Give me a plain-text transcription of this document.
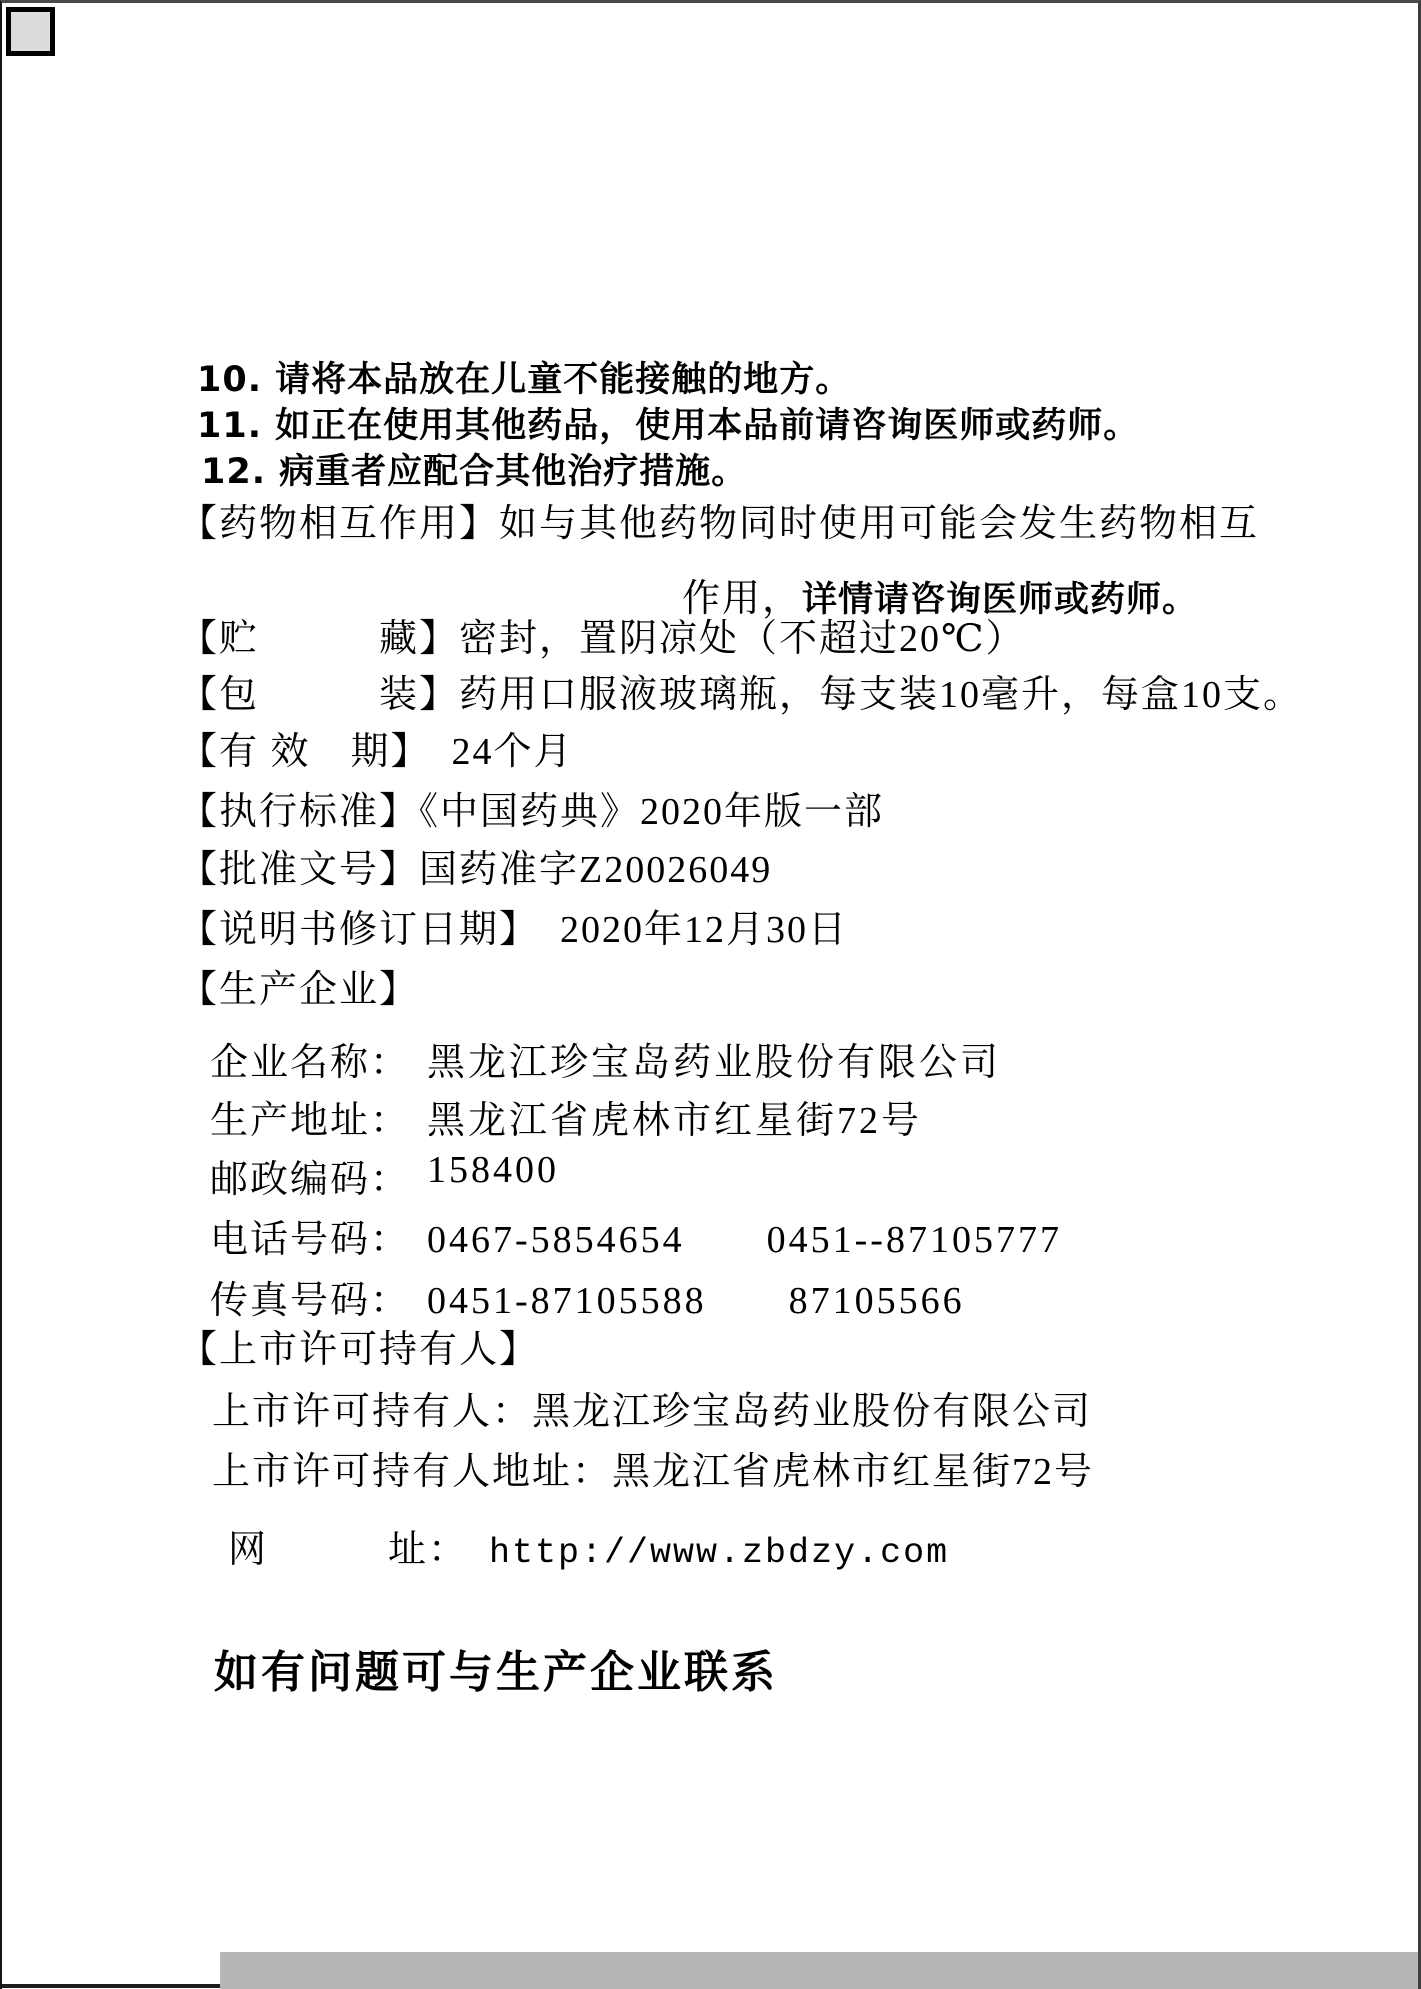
10. 请将本品放在儿童不能接触的地方。
11. 如正在使用其他药品，使用本品前请咨询医师或药师。
12. 病重者应配合其他治疗措施。
【药物相互作用】如与其他药物同时使用可能会发生药物相互

作用，详情请咨询医师或药师。

【贮　　　藏】密封，置阴凉处（不超过20℃）
【包　　　装】药用口服液玻璃瓶，每支装10毫升，每盒10支。
【有 效　期】　24个月
【执行标准】《中国药典》2020年版一部
【批准文号】国药准字Z20026049
【说明书修订日期】　2020年12月30日
【生产企业】
企业名称： 黑龙江珍宝岛药业股份有限公司
生产地址： 黑龙江省虎林市红星街72号
邮政编码： 158400
电话号码： 0467-5854654　　0451--87105777
传真号码： 0451-87105588　　87105566
【上市许可持有人】
上市许可持有人：黑龙江珍宝岛药业股份有限公司
上市许可持有人地址：黑龙江省虎林市红星街72号

网　　　址：　http://www.zbdzy.com

如有问题可与生产企业联系
